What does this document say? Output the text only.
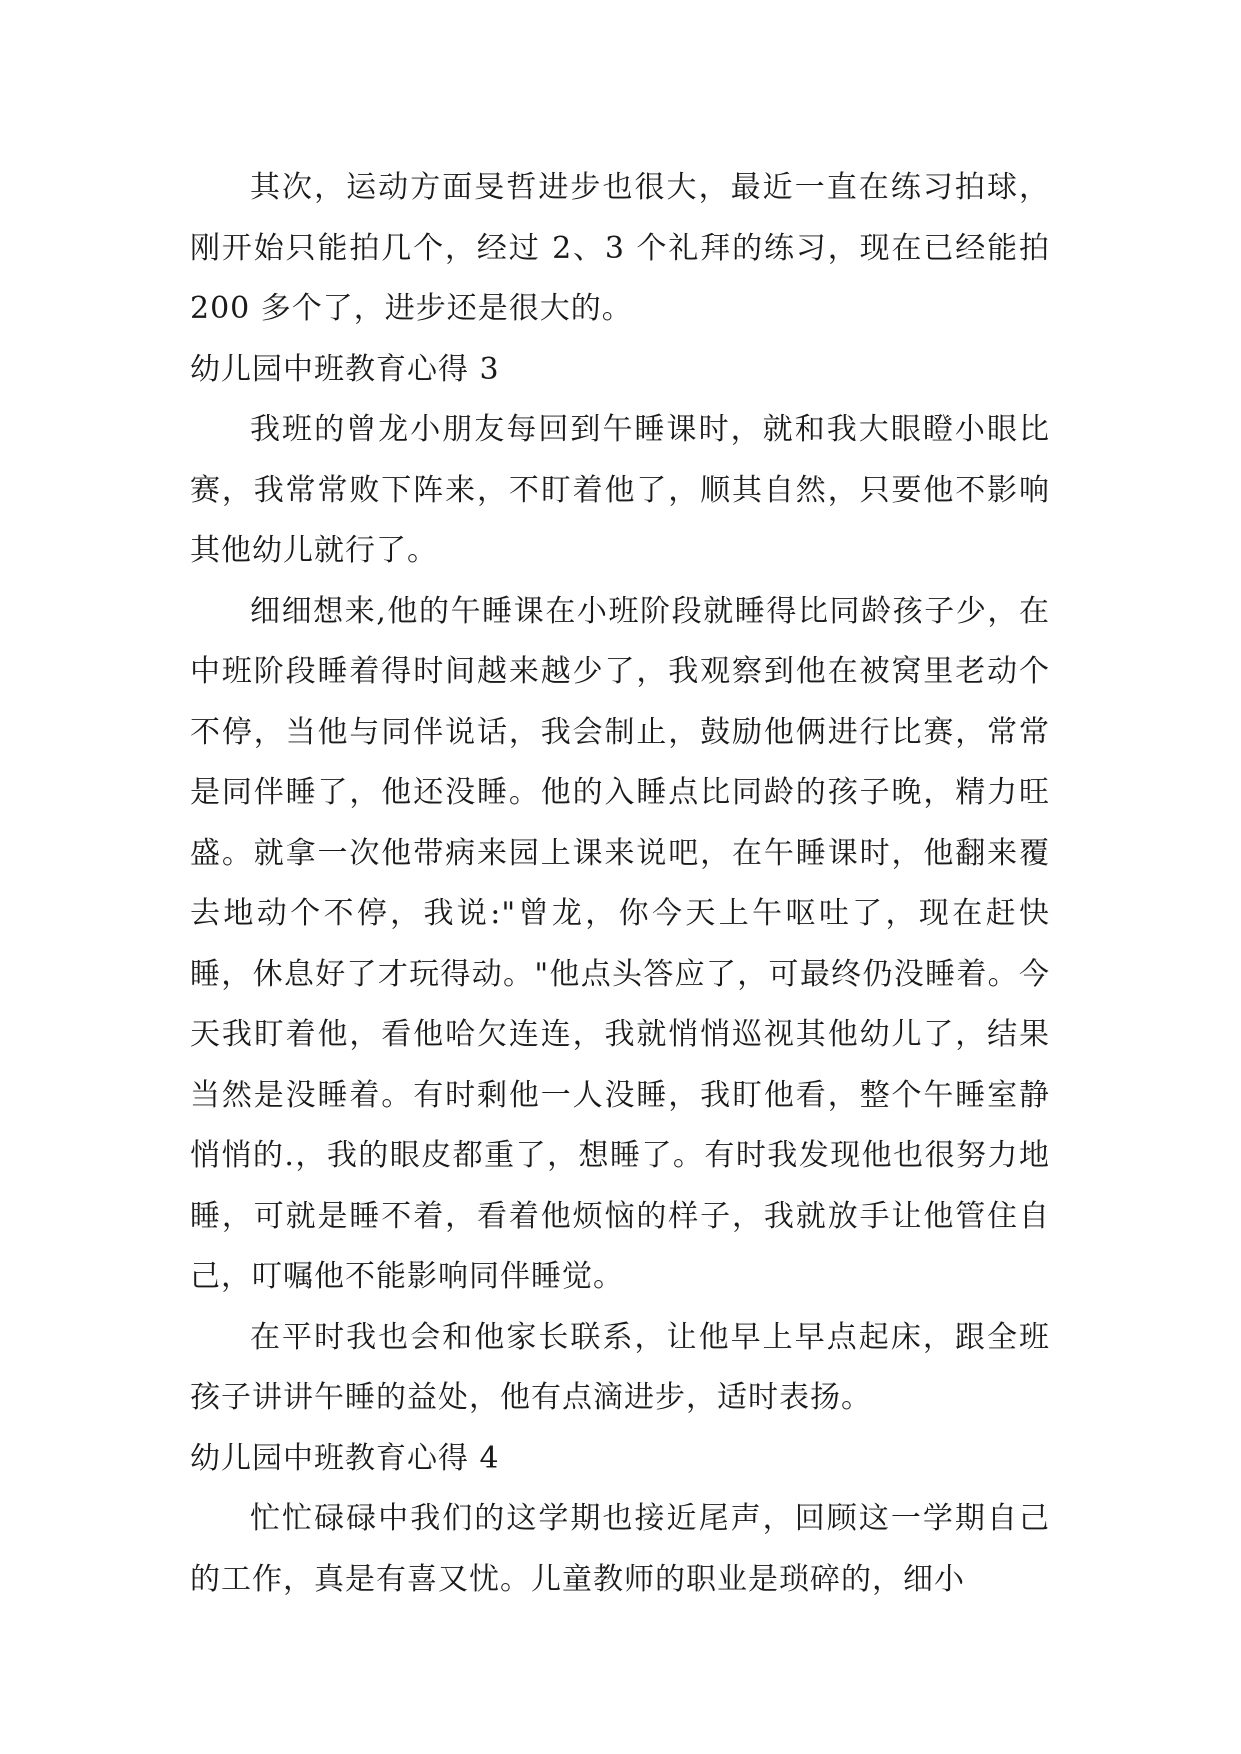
其次，运动方面旻哲进步也很大，最近一直在练习拍球，刚开始只能拍几个，经过 2、3 个礼拜的练习，现在已经能拍 200 多个了，进步还是很大的。

幼儿园中班教育心得 3

我班的曾龙小朋友每回到午睡课时，就和我大眼瞪小眼比赛，我常常败下阵来，不盯着他了，顺其自然，只要他不影响其他幼儿就行了。

细细想来,他的午睡课在小班阶段就睡得比同龄孩子少，在中班阶段睡着得时间越来越少了，我观察到他在被窝里老动个不停，当他与同伴说话，我会制止，鼓励他俩进行比赛，常常是同伴睡了，他还没睡。他的入睡点比同龄的孩子晚，精力旺盛。就拿一次他带病来园上课来说吧，在午睡课时，他翻来覆去地动个不停，我说:"曾龙，你今天上午呕吐了，现在赶快睡，休息好了才玩得动。"他点头答应了，可最终仍没睡着。今天我盯着他，看他哈欠连连，我就悄悄巡视其他幼儿了，结果当然是没睡着。有时剩他一人没睡，我盯他看，整个午睡室静悄悄的.，我的眼皮都重了，想睡了。有时我发现他也很努力地睡，可就是睡不着，看着他烦恼的样子，我就放手让他管住自己，叮嘱他不能影响同伴睡觉。

在平时我也会和他家长联系，让他早上早点起床，跟全班孩子讲讲午睡的益处，他有点滴进步，适时表扬。

幼儿园中班教育心得 4

忙忙碌碌中我们的这学期也接近尾声，回顾这一学期自己的工作，真是有喜又忧。儿童教师的职业是琐碎的，细小
